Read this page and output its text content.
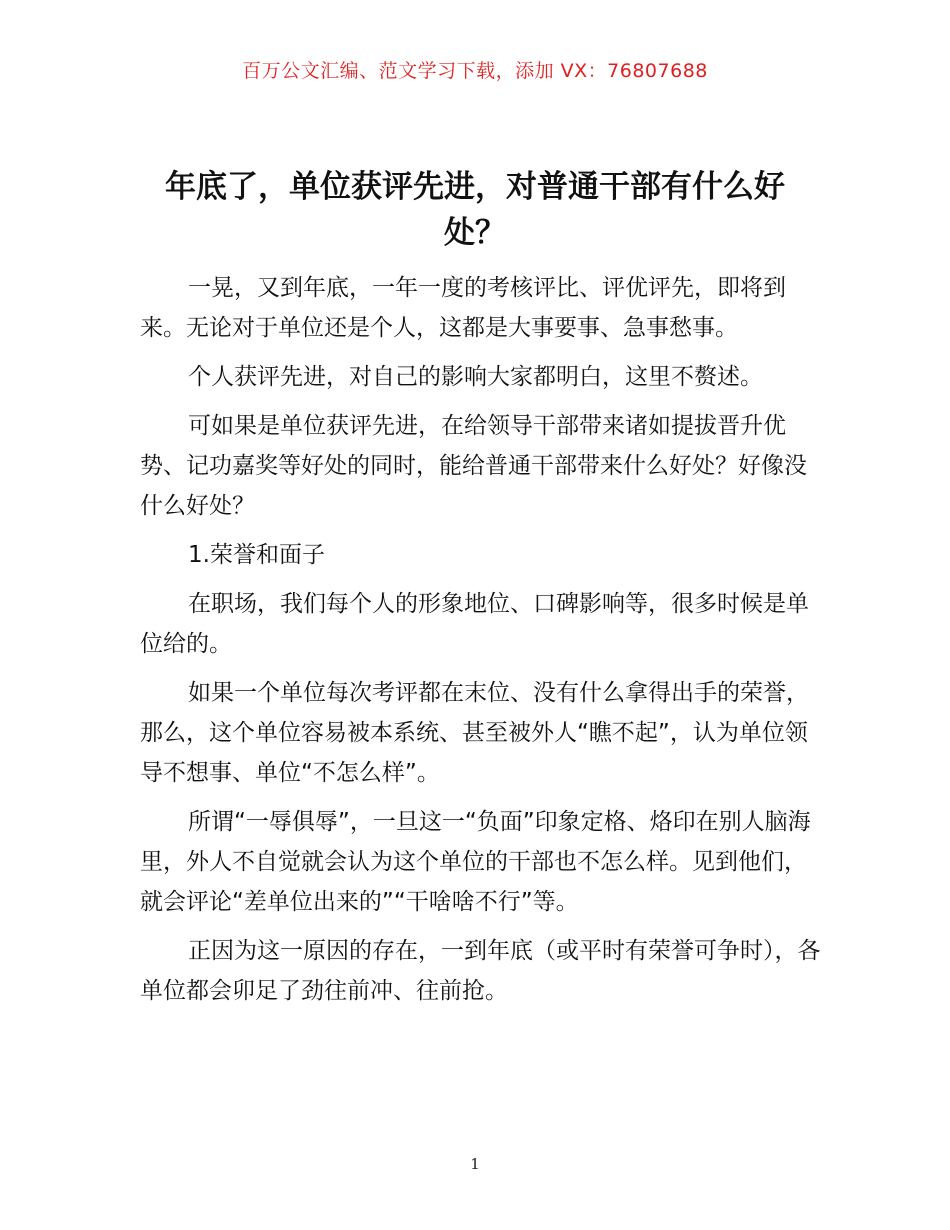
百万公文汇编、范文学习下载，添加 VX：76807688
年底了，单位获评先进，对普通干部有什么好处？

一晃，又到年底，一年一度的考核评比、评优评先，即将到来。无论对于单位还是个人，这都是大事要事、急事愁事。

个人获评先进，对自己的影响大家都明白，这里不赘述。

可如果是单位获评先进，在给领导干部带来诸如提拔晋升优势、记功嘉奖等好处的同时，能给普通干部带来什么好处？好像没什么好处？

1.荣誉和面子

在职场，我们每个人的形象地位、口碑影响等，很多时候是单位给的。

如果一个单位每次考评都在末位、没有什么拿得出手的荣誉，那么，这个单位容易被本系统、甚至被外人“瞧不起”，认为单位领导不想事、单位“不怎么样”。

所谓“一辱俱辱”，一旦这一“负面”印象定格、烙印在别人脑海里，外人不自觉就会认为这个单位的干部也不怎么样。见到他们，就会评论“差单位出来的”“干啥啥不行”等。

正因为这一原因的存在，一到年底（或平时有荣誉可争时），各单位都会卯足了劲往前冲、往前抢。

1
